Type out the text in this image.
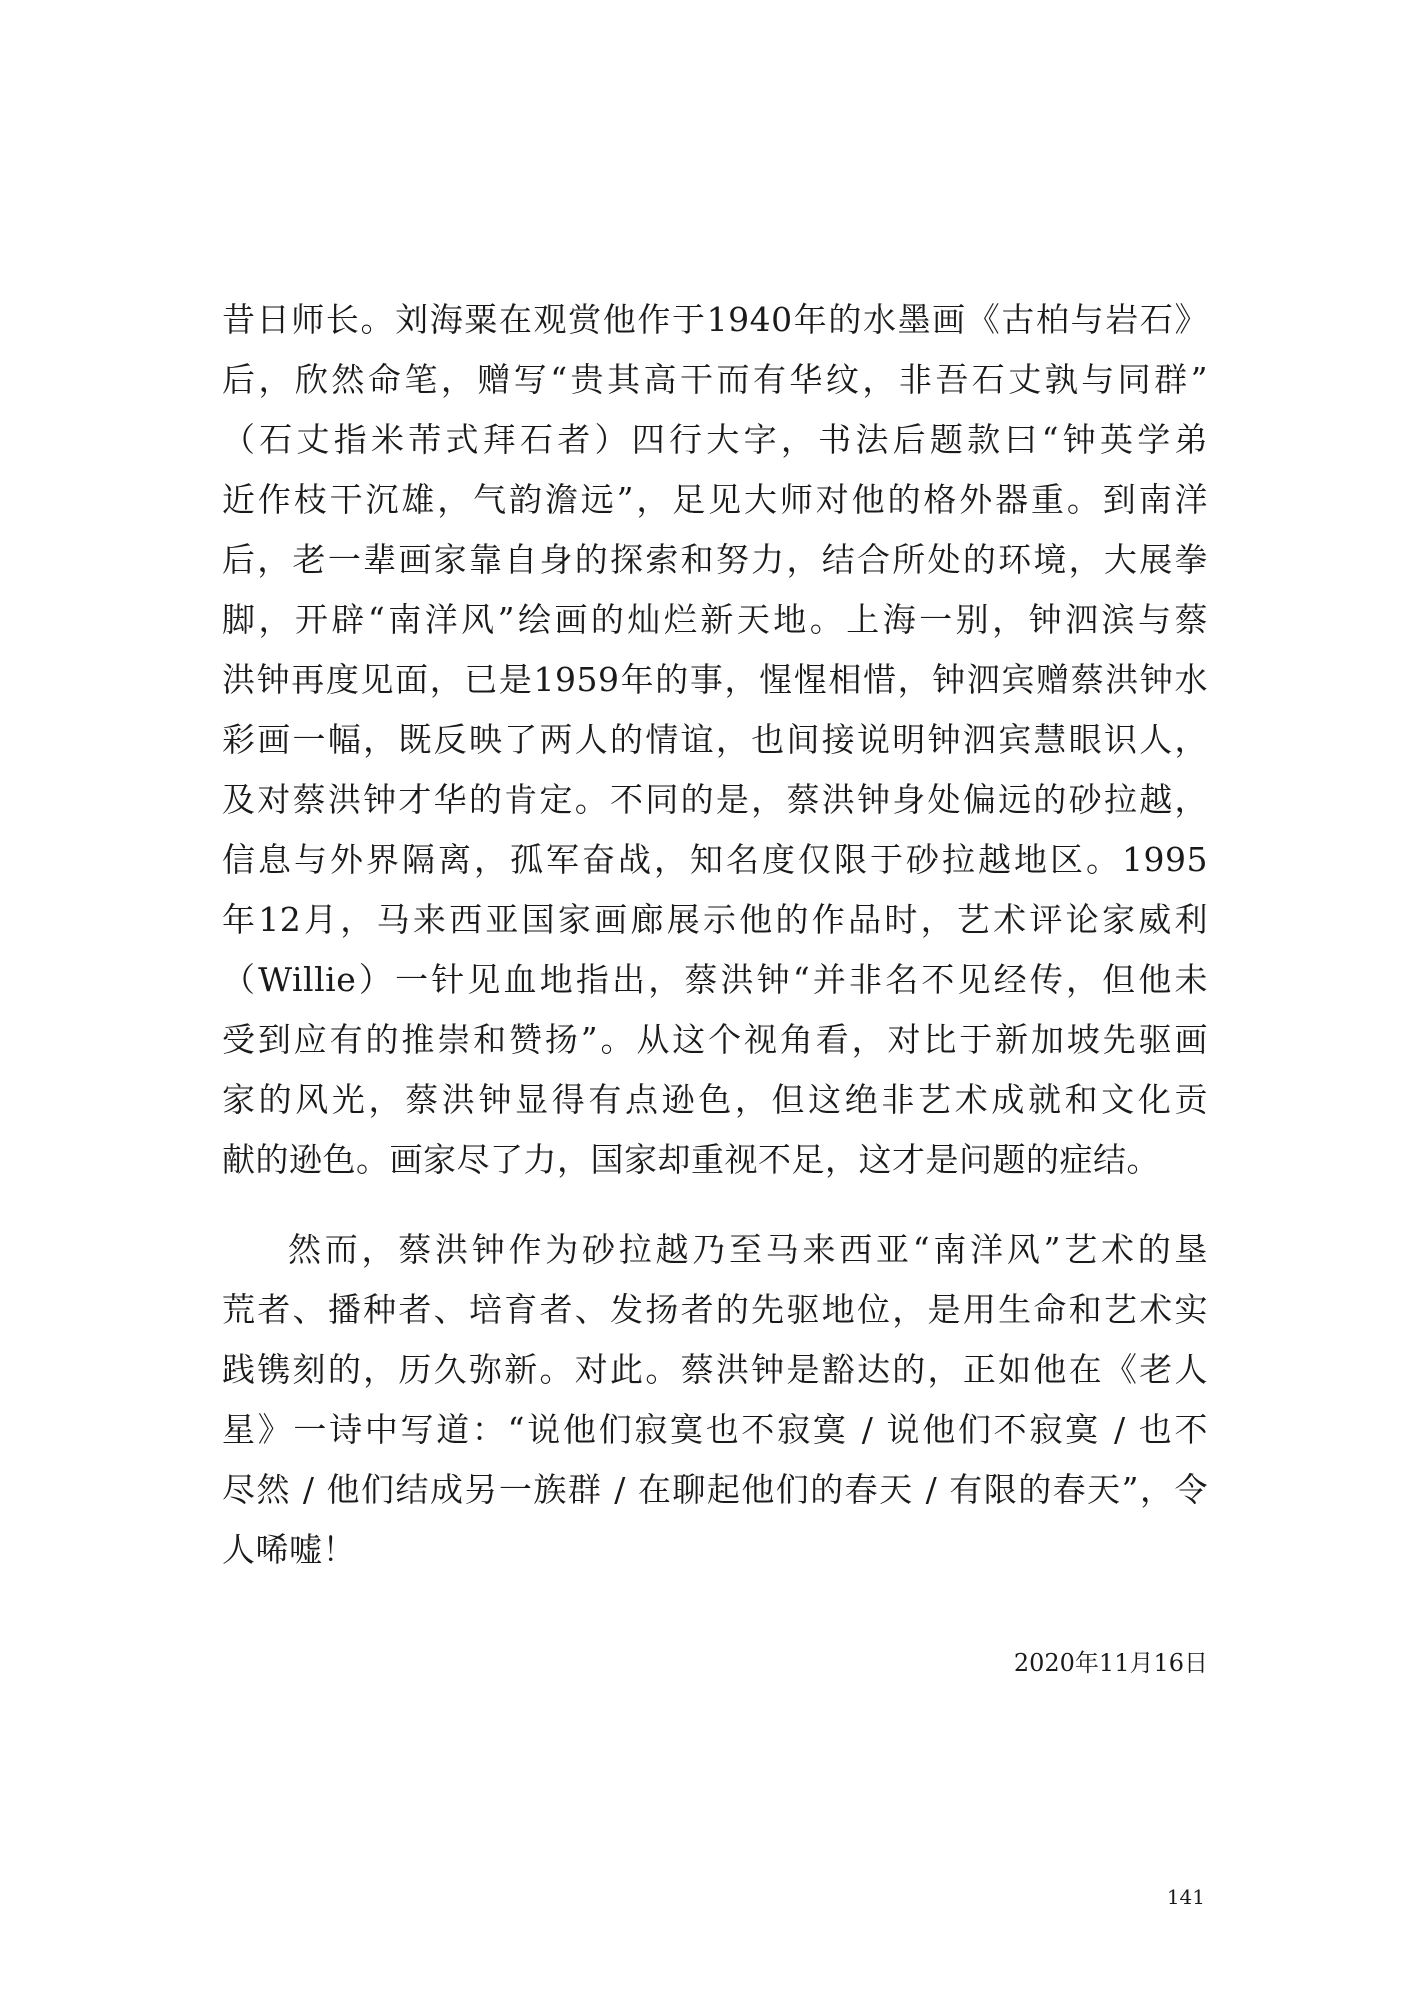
昔日师长。刘海粟在观赏他作于1940年的水墨画《古柏与岩石》
后，欣然命笔，赠写“贵其高干而有华纹，非吾石丈孰与同群”
（石丈指米芾式拜石者）四行大字，书法后题款曰“钟英学弟
近作枝干沉雄，气韵澹远”，足见大师对他的格外器重。到南洋
后，老一辈画家靠自身的探索和努力，结合所处的环境，大展拳
脚，开辟“南洋风”绘画的灿烂新天地。上海一别，钟泗滨与蔡
洪钟再度见面，已是1959年的事，惺惺相惜，钟泗宾赠蔡洪钟水
彩画一幅，既反映了两人的情谊，也间接说明钟泗宾慧眼识人，
及对蔡洪钟才华的肯定。不同的是，蔡洪钟身处偏远的砂拉越，
信息与外界隔离，孤军奋战，知名度仅限于砂拉越地区。1995
年12月，马来西亚国家画廊展示他的作品时，艺术评论家威利
（Willie）一针见血地指出，蔡洪钟“并非名不见经传，但他未
受到应有的推崇和赞扬”。从这个视角看，对比于新加坡先驱画
家的风光，蔡洪钟显得有点逊色，但这绝非艺术成就和文化贡
献的逊色。画家尽了力，国家却重视不足，这才是问题的症结。
然而，蔡洪钟作为砂拉越乃至马来西亚“南洋风”艺术的垦
荒者、播种者、培育者、发扬者的先驱地位，是用生命和艺术实
践镌刻的，历久弥新。对此。蔡洪钟是豁达的，正如他在《老人
星》一诗中写道：“说他们寂寞也不寂寞 / 说他们不寂寞 / 也不
尽然 / 他们结成另一族群 / 在聊起他们的春天 / 有限的春天”，令
人唏嘘！
2020年11月16日
141
